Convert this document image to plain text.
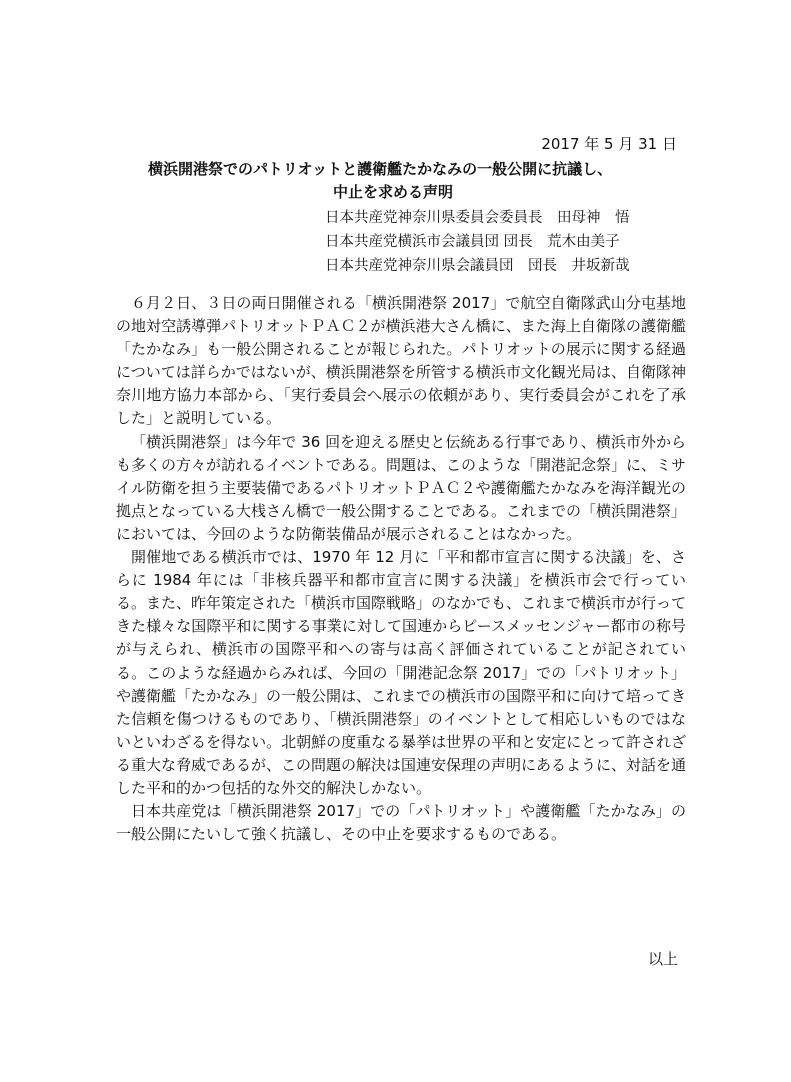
2017 年 5 月 31 日
横浜開港祭でのパトリオットと護衛艦たかなみの一般公開に抗議し、
中止を求める声明
日本共産党神奈川県委員会委員長　田母神　悟
日本共産党横浜市会議員団 団長　荒木由美子
日本共産党神奈川県会議員団　団長　井坂新哉

６月２日、３日の両日開催される「横浜開港祭 2017」で航空自衛隊武山分屯基地の地対空誘導弾パトリオットＰＡＣ２が横浜港大さん橋に、また海上自衛隊の護衛艦「たかなみ」も一般公開されることが報じられた。パトリオットの展示に関する経過については詳らかではないが、横浜開港祭を所管する横浜市文化観光局は、自衛隊神奈川地方協力本部から、「実行委員会へ展示の依頼があり、実行委員会がこれを了承した」と説明している。

「横浜開港祭」は今年で 36 回を迎える歴史と伝統ある行事であり、横浜市外からも多くの方々が訪れるイベントである。問題は、このような「開港記念祭」に、ミサイル防衛を担う主要装備であるパトリオットＰＡＣ２や護衛艦たかなみを海洋観光の拠点となっている大桟さん橋で一般公開することである。これまでの「横浜開港祭」においては、今回のような防衛装備品が展示されることはなかった。

開催地である横浜市では、1970 年 12 月に「平和都市宣言に関する決議」を、さらに 1984 年には「非核兵器平和都市宣言に関する決議」を横浜市会で行っている。また、昨年策定された「横浜市国際戦略」のなかでも、これまで横浜市が行ってきた様々な国際平和に関する事業に対して国連からピースメッセンジャー都市の称号が与えられ、横浜市の国際平和への寄与は高く評価されていることが記されている。このような経過からみれば、今回の「開港記念祭 2017」での「パトリオット」や護衛艦「たかなみ」の一般公開は、これまでの横浜市の国際平和に向けて培ってきた信頼を傷つけるものであり、「横浜開港祭」のイベントとして相応しいものではないといわざるを得ない。北朝鮮の度重なる暴挙は世界の平和と安定にとって許されざる重大な脅威であるが、この問題の解決は国連安保理の声明にあるように、対話を通した平和的かつ包括的な外交的解決しかない。

日本共産党は「横浜開港祭 2017」での「パトリオット」や護衛艦「たかなみ」の一般公開にたいして強く抗議し、その中止を要求するものである。

以上
